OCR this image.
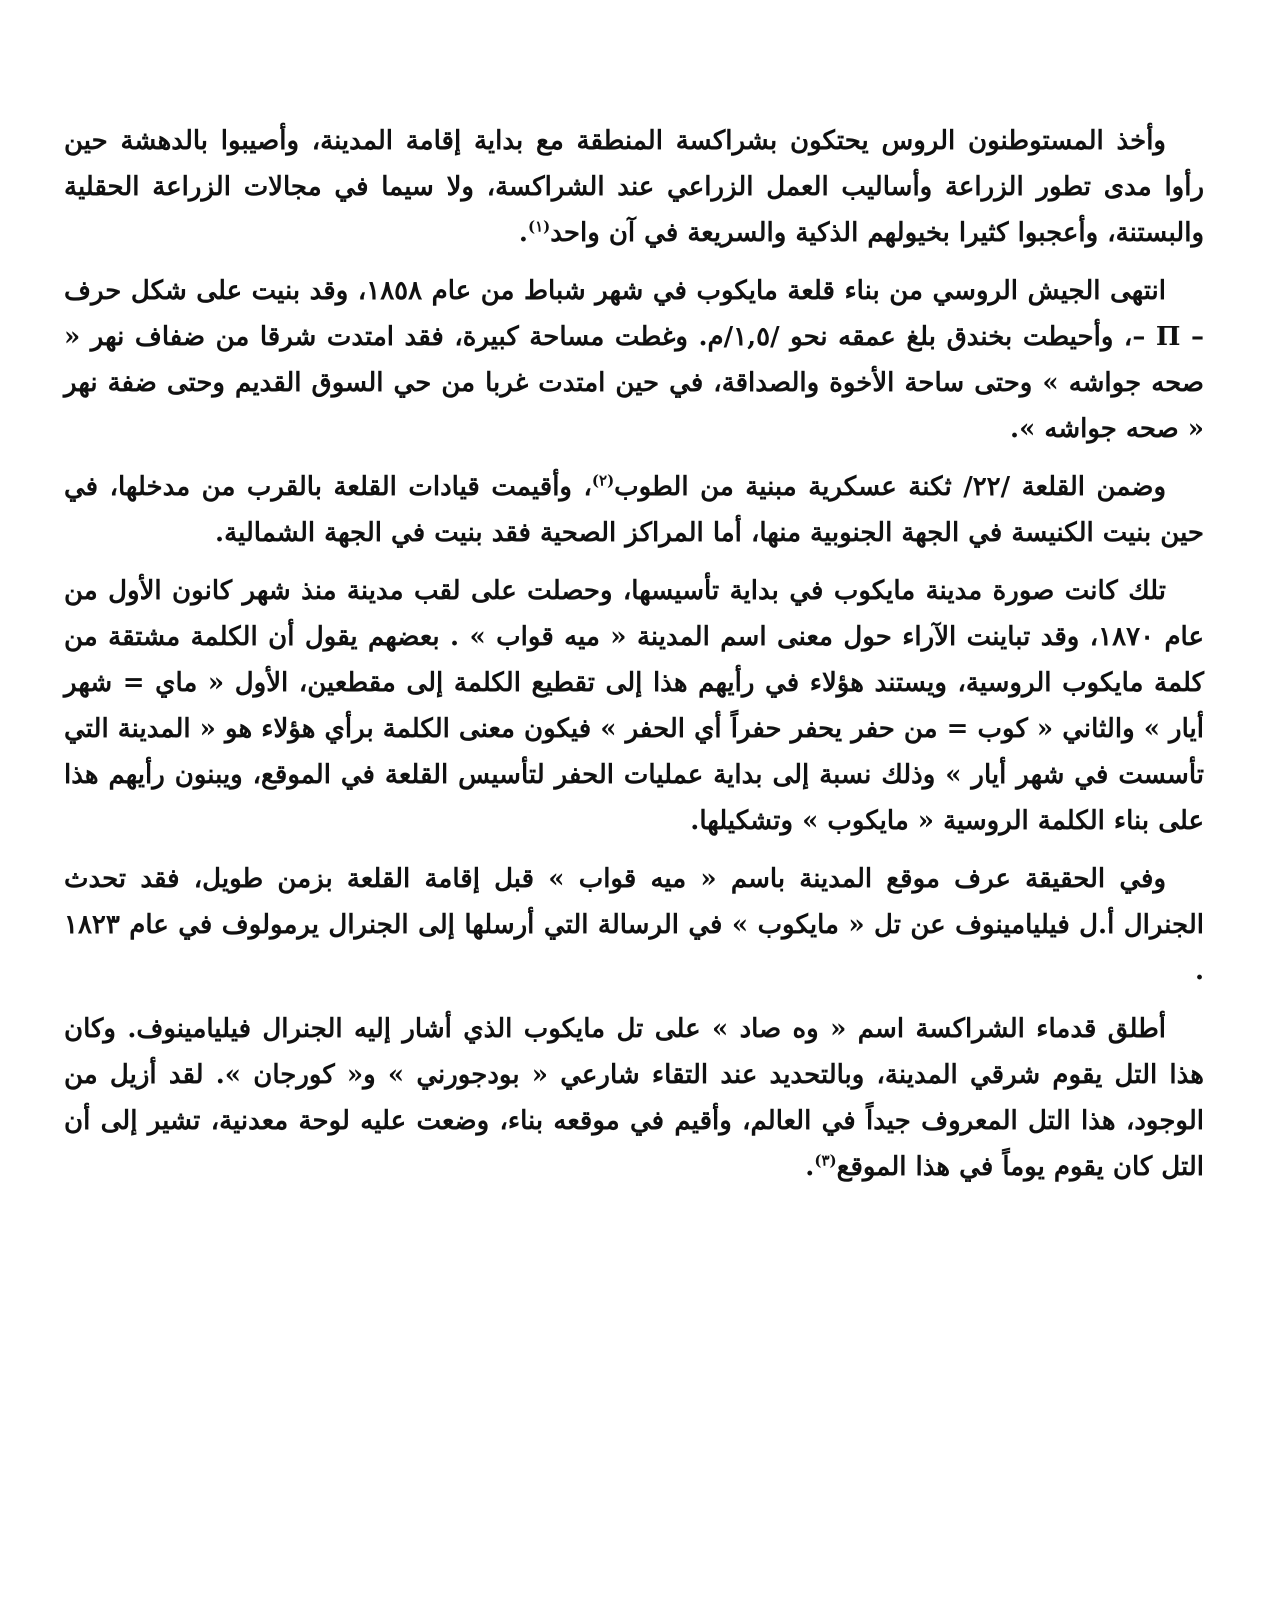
وأخذ المستوطنون الروس يحتكون بشراكسة المنطقة مع بداية إقامة المدينة، وأصيبوا بالدهشة حين رأوا مدى تطور الزراعة وأساليب العمل الزراعي عند الشراكسة، ولا سيما في مجالات الزراعة الحقلية والبستنة، وأعجبوا كثيرا بخيولهم الذكية والسريعة في آن واحد$^{(١)}$.

انتهى الجيش الروسي من بناء قلعة مايكوب في شهر شباط من عام ١٨٥٨، وقد بنيت على شكل حرف – П –، وأحيطت بخندق بلغ عمقه نحو /١,٥/م. وغطت مساحة كبيرة، فقد امتدت شرقا من ضفاف نهر « صحه جواشه » وحتى ساحة الأخوة والصداقة، في حين امتدت غربا من حي السوق القديم وحتى ضفة نهر « صحه جواشه ».

وضمن القلعة /٢٢/ ثكنة عسكرية مبنية من الطوب$^{(٢)}$، وأقيمت قيادات القلعة بالقرب من مدخلها، في حين بنيت الكنيسة في الجهة الجنوبية منها، أما المراكز الصحية فقد بنيت في الجهة الشمالية.

تلك كانت صورة مدينة مايكوب في بداية تأسيسها، وحصلت على لقب مدينة منذ شهر كانون الأول من عام ١٨٧٠، وقد تباينت الآراء حول معنى اسم المدينة « ميه قواب » . بعضهم يقول أن الكلمة مشتقة من كلمة مايكوب الروسية، ويستند هؤلاء في رأيهم هذا إلى تقطيع الكلمة إلى مقطعين، الأول « ماي = شهر أيار » والثاني « كوب = من حفر يحفر حفراً أي الحفر » فيكون معنى الكلمة برأي هؤلاء هو « المدينة التي تأسست في شهر أيار » وذلك نسبة إلى بداية عمليات الحفر لتأسيس القلعة في الموقع، ويبنون رأيهم هذا على بناء الكلمة الروسية « مايكوب » وتشكيلها.

وفي الحقيقة عرف موقع المدينة باسم « ميه قواب » قبل إقامة القلعة بزمن طويل، فقد تحدث الجنرال أ.ل فيليامينوف عن تل « مايكوب » في الرسالة التي أرسلها إلى الجنرال يرمولوف في عام ١٨٢٣ .

أطلق قدماء الشراكسة اسم « وه صاد » على تل مايكوب الذي أشار إليه الجنرال فيليامينوف. وكان هذا التل يقوم شرقي المدينة، وبالتحديد عند التقاء شارعي « بودجورني » و« كورجان ». لقد أزيل من الوجود، هذا التل المعروف جيداً في العالم، وأقيم في موقعه بناء، وضعت عليه لوحة معدنية، تشير إلى أن التل كان يقوم يوماً في هذا الموقع$^{(٣)}$.
